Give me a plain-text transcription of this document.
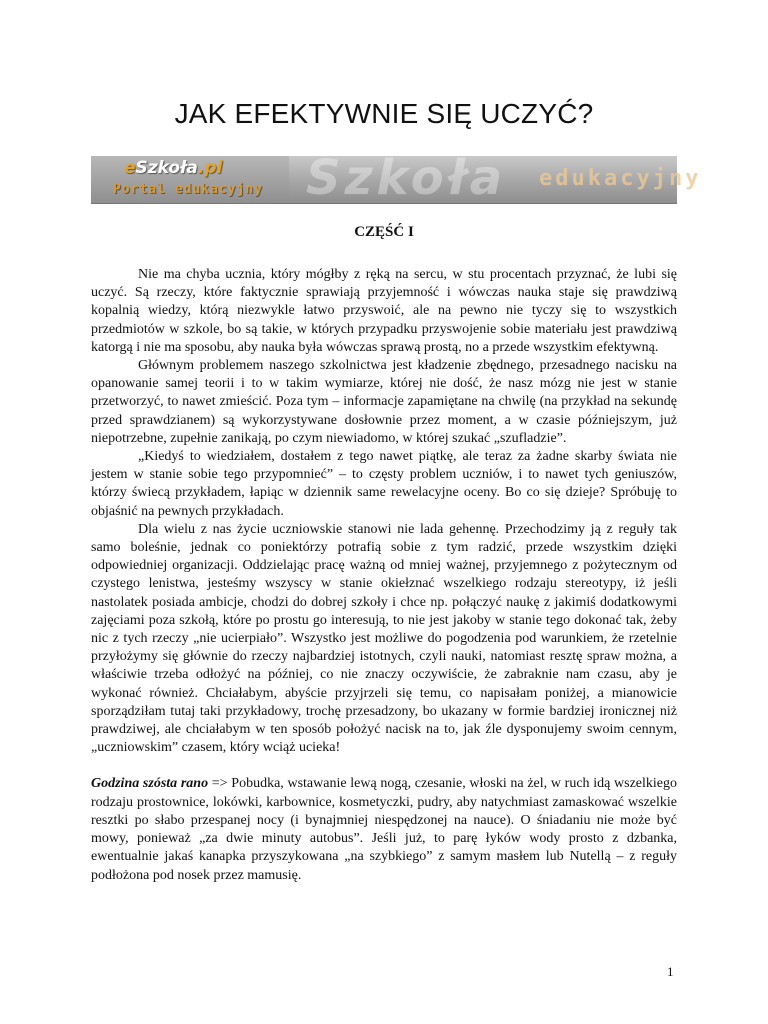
JAK EFEKTYWNIE SIĘ UCZYĆ?
eSzkoła.pl
Portal edukacyjny Szkoła edukacyjny
CZĘŚĆ I

Nie ma chyba ucznia, który mógłby z ręką na sercu, w stu procentach przyznać, że lubi się uczyć. Są rzeczy, które faktycznie sprawiają przyjemność i wówczas nauka staje się prawdziwą kopalnią wiedzy, którą niezwykle łatwo przyswoić, ale na pewno nie tyczy się to wszystkich przedmiotów w szkole, bo są takie, w których przypadku przyswojenie sobie materiału jest prawdziwą katorgą i nie ma sposobu, aby nauka była wówczas sprawą prostą, no a przede wszystkim efektywną.

Głównym problemem naszego szkolnictwa jest kładzenie zbędnego, przesadnego nacisku na opanowanie samej teorii i to w takim wymiarze, której nie dość, że nasz mózg nie jest w stanie przetworzyć, to nawet zmieścić. Poza tym – informacje zapamiętane na chwilę (na przykład na sekundę przed sprawdzianem) są wykorzystywane dosłownie przez moment, a w czasie późniejszym, już niepotrzebne, zupełnie zanikają, po czym niewiadomo, w której szukać „szufladzie”.

„Kiedyś to wiedziałem, dostałem z tego nawet piątkę, ale teraz za żadne skarby świata nie jestem w stanie sobie tego przypomnieć” – to częsty problem uczniów, i to nawet tych geniuszów, którzy świecą przykładem, łapiąc w dziennik same rewelacyjne oceny. Bo co się dzieje? Spróbuję to objaśnić na pewnych przykładach.

Dla wielu z nas życie uczniowskie stanowi nie lada gehennę. Przechodzimy ją z reguły tak samo boleśnie, jednak co poniektórzy potrafią sobie z tym radzić, przede wszystkim dzięki odpowiedniej organizacji. Oddzielając pracę ważną od mniej ważnej, przyjemnego z pożytecznym od czystego lenistwa, jesteśmy wszyscy w stanie okiełznać wszelkiego rodzaju stereotypy, iż jeśli nastolatek posiada ambicje, chodzi do dobrej szkoły i chce np. połączyć naukę z jakimiś dodatkowymi zajęciami poza szkołą, które po prostu go interesują, to nie jest jakoby w stanie tego dokonać tak, żeby nic z tych rzeczy „nie ucierpiało”. Wszystko jest możliwe do pogodzenia pod warunkiem, że rzetelnie przyłożymy się głównie do rzeczy najbardziej istotnych, czyli nauki, natomiast resztę spraw można, a właściwie trzeba odłożyć na później, co nie znaczy oczywiście, że zabraknie nam czasu, aby je wykonać również. Chciałabym, abyście przyjrzeli się temu, co napisałam poniżej, a mianowicie sporządziłam tutaj taki przykładowy, trochę przesadzony, bo ukazany w formie bardziej ironicznej niż prawdziwej, ale chciałabym w ten sposób położyć nacisk na to, jak źle dysponujemy swoim cennym, „uczniowskim” czasem, który wciąż ucieka!

Godzina szósta rano => Pobudka, wstawanie lewą nogą, czesanie, włoski na żel, w ruch idą wszelkiego rodzaju prostownice, lokówki, karbownice, kosmetyczki, pudry, aby natychmiast zamaskować wszelkie resztki po słabo przespanej nocy (i bynajmniej niespędzonej na nauce). O śniadaniu nie może być mowy, ponieważ „za dwie minuty autobus”. Jeśli już, to parę łyków wody prosto z dzbanka, ewentualnie jakaś kanapka przyszykowana „na szybkiego” z samym masłem lub Nutellą – z reguły podłożona pod nosek przez mamusię.

1
